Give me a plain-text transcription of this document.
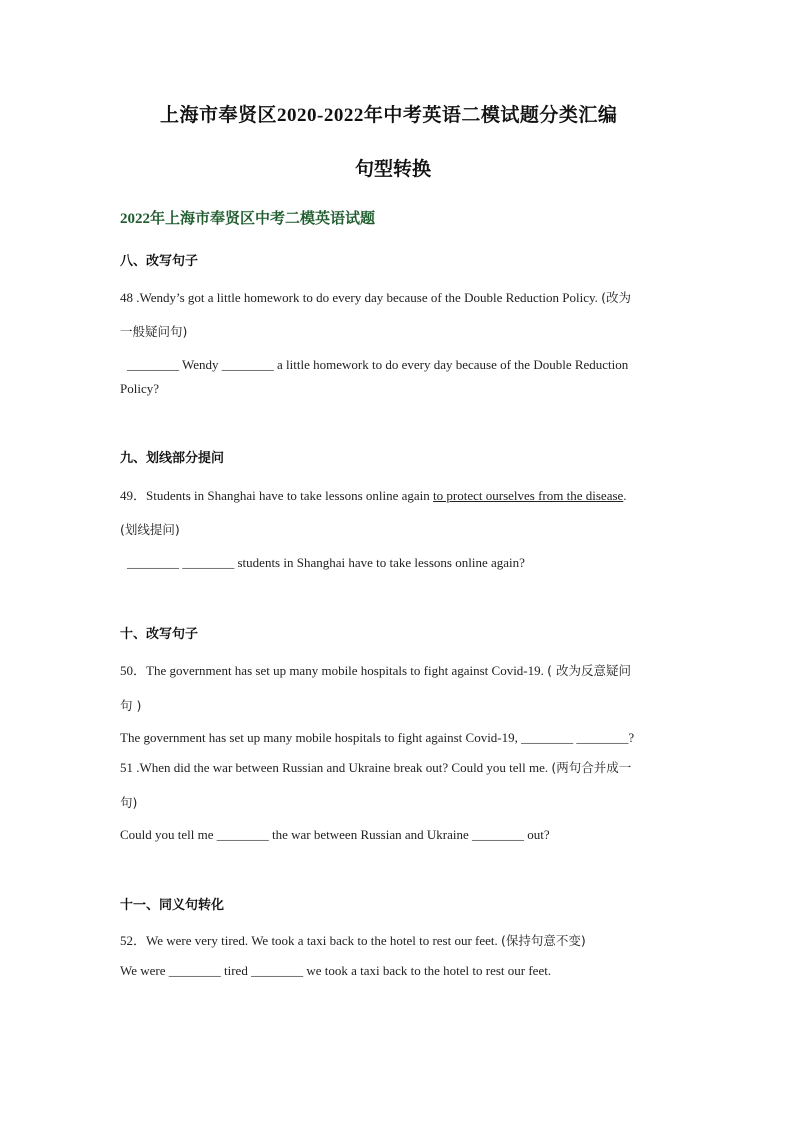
上海市奉贤区2020-2022年中考英语二模试题分类汇编
句型转换
2022年上海市奉贤区中考二模英语试题
八、改写句子
48 .Wendy’s got a little homework to do every day because of the Double Reduction Policy. (改为
一般疑问句)
________ Wendy ________ a little homework to do every day because of the Double Reduction
Policy?
九、划线部分提问
49．Students in Shanghai have to take lessons online again to protect ourselves from the disease.
(划线提问)
________ ________ students in Shanghai have to take lessons online again?
十、改写句子
50．The government has set up many mobile hospitals to fight against Covid-19. ( 改为反意疑问
句 )
The government has set up many mobile hospitals to fight against Covid-19, ________ ________?
51 .When did the war between Russian and Ukraine break out? Could you tell me. (两句合并成一
句)
Could you tell me ________ the war between Russian and Ukraine ________ out?
十一、同义句转化
52．We were very tired. We took a taxi back to the hotel to rest our feet. (保持句意不变)
We were ________ tired ________ we took a taxi back to the hotel to rest our feet.
